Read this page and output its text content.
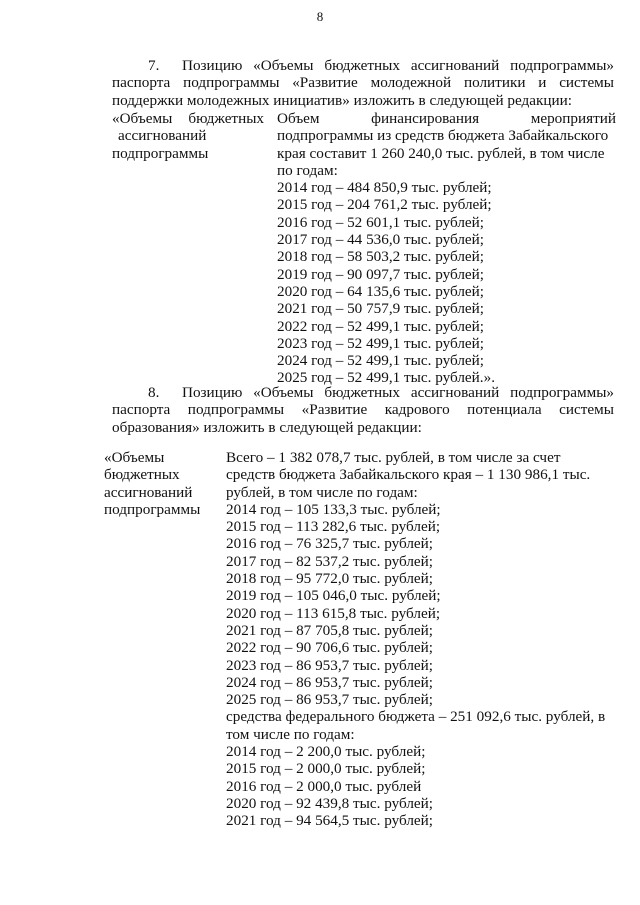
8
7. Позицию «Объемы бюджетных ассигнований подпрограммы» паспорта подпрограммы «Развитие молодежной политики и системы поддержки молодежных инициатив» изложить в следующей редакции:
«Объемы бюджетных
ассигнований
подпрограммы
Объем финансирования мероприятий
подпрограммы из средств бюджета Забайкальского
края составит 1 260 240,0 тыс. рублей, в том числе
по годам:
2014 год – 484 850,9 тыс. рублей;
2015 год – 204 761,2 тыс. рублей;
2016 год – 52 601,1 тыс. рублей;
2017 год – 44 536,0 тыс. рублей;
2018 год – 58 503,2 тыс. рублей;
2019 год – 90 097,7 тыс. рублей;
2020 год – 64 135,6 тыс. рублей;
2021 год – 50 757,9 тыс. рублей;
2022 год – 52 499,1 тыс. рублей;
2023 год – 52 499,1 тыс. рублей;
2024 год – 52 499,1 тыс. рублей;
2025 год – 52 499,1 тыс. рублей.».
8. Позицию «Объемы бюджетных ассигнований подпрограммы» паспорта подпрограммы «Развитие кадрового потенциала системы образования» изложить в следующей редакции:
«Объемы
бюджетных
ассигнований
подпрограммы
Всего – 1 382 078,7 тыс. рублей, в том числе за счет
средств бюджета Забайкальского края – 1 130 986,1 тыс.
рублей, в том числе по годам:
2014 год – 105 133,3 тыс. рублей;
2015 год – 113 282,6 тыс. рублей;
2016 год – 76 325,7 тыс. рублей;
2017 год – 82 537,2 тыс. рублей;
2018 год – 95 772,0 тыс. рублей;
2019 год – 105 046,0 тыс. рублей;
2020 год – 113 615,8 тыс. рублей;
2021 год – 87 705,8 тыс. рублей;
2022 год – 90 706,6 тыс. рублей;
2023 год – 86 953,7 тыс. рублей;
2024 год – 86 953,7 тыс. рублей;
2025 год – 86 953,7 тыс. рублей;
средства федерального бюджета – 251 092,6 тыс. рублей, в
том числе по годам:
2014 год – 2 200,0 тыс. рублей;
2015 год – 2 000,0 тыс. рублей;
2016 год – 2 000,0 тыс. рублей
2020 год – 92 439,8 тыс. рублей;
2021 год – 94 564,5 тыс. рублей;
